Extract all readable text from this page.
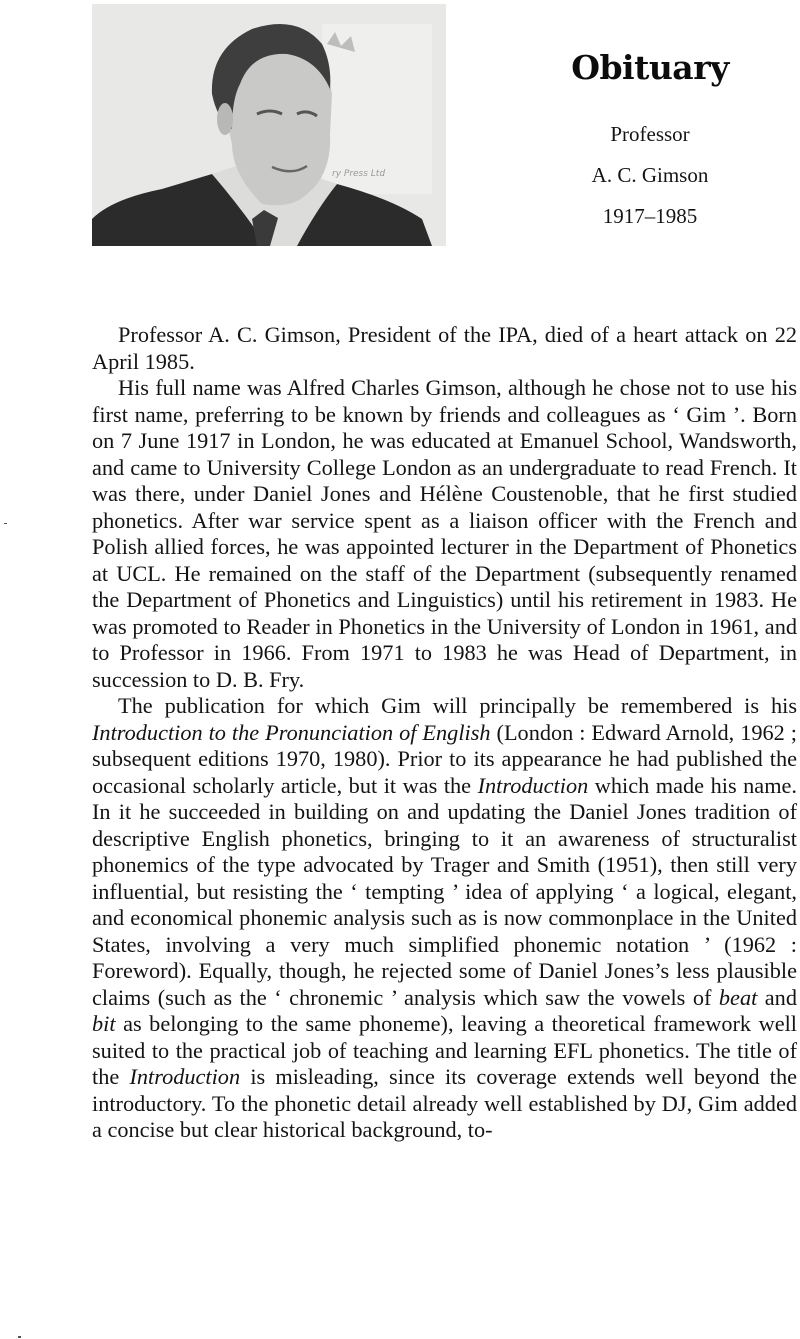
ry Press Ltd
Obituary
Professor
A. C. Gimson
1917–1985

Professor A. C. Gimson, President of the IPA, died of a heart attack on 22 April 1985.

His full name was Alfred Charles Gimson, although he chose not to use his first name, preferring to be known by friends and colleagues as ‘ Gim ’. Born on 7 June 1917 in London, he was educated at Emanuel School, Wandsworth, and came to University College London as an undergraduate to read French. It was there, under Daniel Jones and Hélène Coustenoble, that he first studied phonetics. After war service spent as a liaison officer with the French and Polish allied forces, he was appointed lecturer in the Department of Phonetics at UCL. He remained on the staff of the Department (subsequently renamed the Department of Phonetics and Linguistics) until his retirement in 1983. He was promoted to Reader in Phonetics in the University of London in 1961, and to Professor in 1966. From 1971 to 1983 he was Head of Department, in succession to D. B. Fry.

The publication for which Gim will principally be remembered is his Introduction to the Pronunciation of English (London : Edward Arnold, 1962 ; subsequent editions 1970, 1980). Prior to its appearance he had published the occasional scholarly article, but it was the Introduction which made his name. In it he succeeded in building on and updating the Daniel Jones tradition of descriptive English phonetics, bringing to it an awareness of structuralist phonemics of the type advocated by Trager and Smith (1951), then still very influential, but resisting the ‘ tempting ’ idea of applying ‘ a logical, elegant, and economical phonemic analysis such as is now commonplace in the United States, involving a very much simplified phonemic notation ’ (1962 : Foreword). Equally, though, he rejected some of Daniel Jones’s less plausible claims (such as the ‘ chronemic ’ analysis which saw the vowels of beat and bit as belonging to the same phoneme), leaving a theoretical framework well suited to the practical job of teaching and learning EFL phonetics. The title of the Introduction is misleading, since its coverage extends well beyond the introductory. To the phonetic detail already well established by DJ, Gim added a concise but clear historical background, to-
